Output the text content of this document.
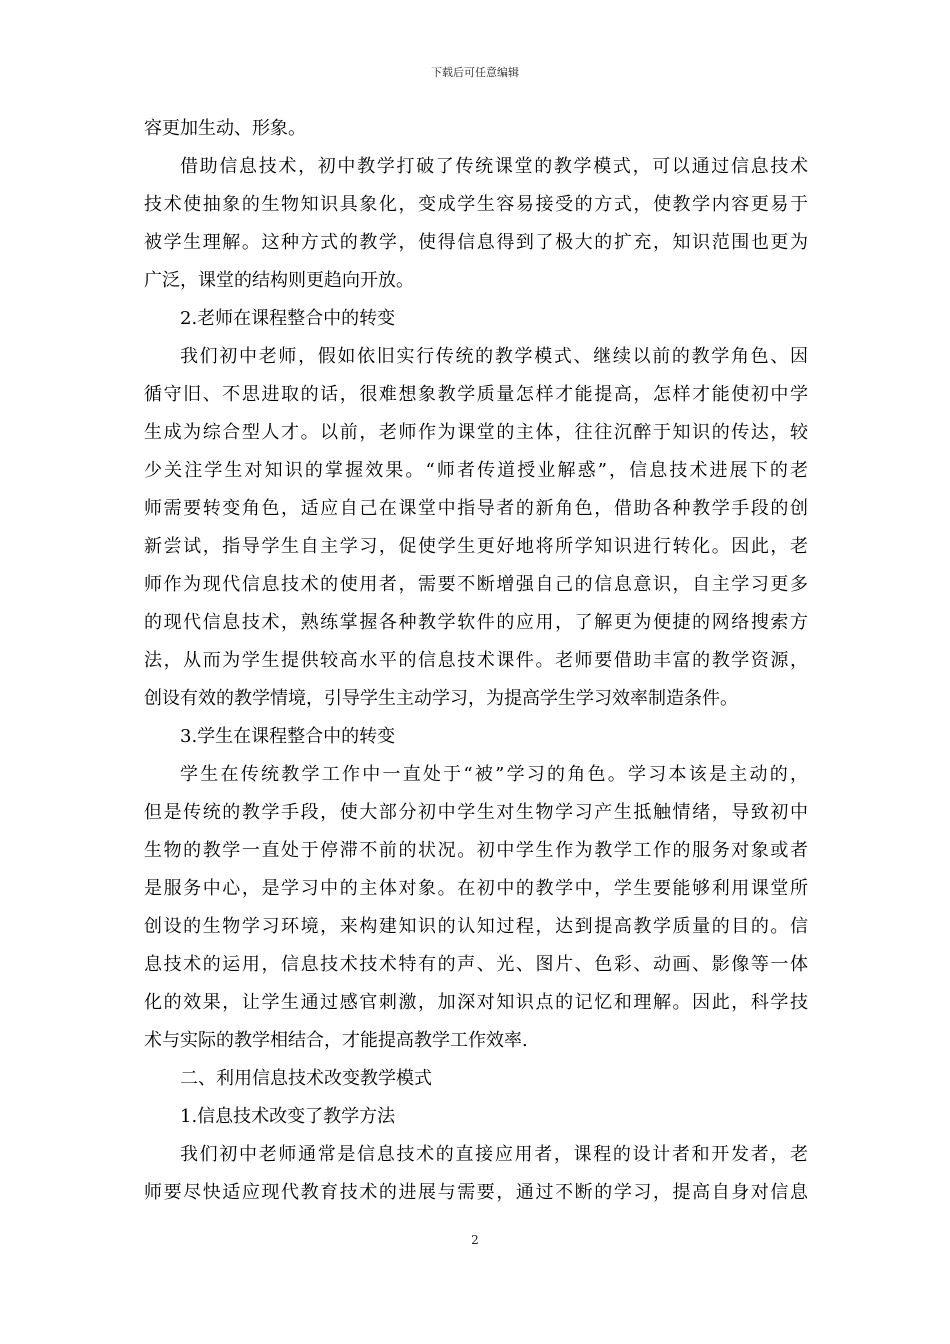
下载后可任意编辑
容更加生动、形象。
借助信息技术，初中教学打破了传统课堂的教学模式，可以通过信息技术
技术使抽象的生物知识具象化，变成学生容易接受的方式，使教学内容更易于
被学生理解。这种方式的教学，使得信息得到了极大的扩充，知识范围也更为
广泛，课堂的结构则更趋向开放。
2.老师在课程整合中的转变
我们初中老师，假如依旧实行传统的教学模式、继续以前的教学角色、因
循守旧、不思进取的话，很难想象教学质量怎样才能提高，怎样才能使初中学
生成为综合型人才。以前，老师作为课堂的主体，往往沉醉于知识的传达，较
少关注学生对知识的掌握效果。“师者传道授业解惑”，信息技术进展下的老
师需要转变角色，适应自己在课堂中指导者的新角色，借助各种教学手段的创
新尝试，指导学生自主学习，促使学生更好地将所学知识进行转化。因此，老
师作为现代信息技术的使用者，需要不断增强自己的信息意识，自主学习更多
的现代信息技术，熟练掌握各种教学软件的应用，了解更为便捷的网络搜索方
法，从而为学生提供较高水平的信息技术课件。老师要借助丰富的教学资源，
创设有效的教学情境，引导学生主动学习，为提高学生学习效率制造条件。
3.学生在课程整合中的转变
学生在传统教学工作中一直处于“被”学习的角色。学习本该是主动的，
但是传统的教学手段，使大部分初中学生对生物学习产生抵触情绪，导致初中
生物的教学一直处于停滞不前的状况。初中学生作为教学工作的服务对象或者
是服务中心，是学习中的主体对象。在初中的教学中，学生要能够利用课堂所
创设的生物学习环境，来构建知识的认知过程，达到提高教学质量的目的。信
息技术的运用，信息技术技术特有的声、光、图片、色彩、动画、影像等一体
化的效果，让学生通过感官刺激，加深对知识点的记忆和理解。因此，科学技
术与实际的教学相结合，才能提高教学工作效率.
二、利用信息技术改变教学模式
1.信息技术改变了教学方法
我们初中老师通常是信息技术的直接应用者，课程的设计者和开发者，老
师要尽快适应现代教育技术的进展与需要，通过不断的学习，提高自身对信息
2
